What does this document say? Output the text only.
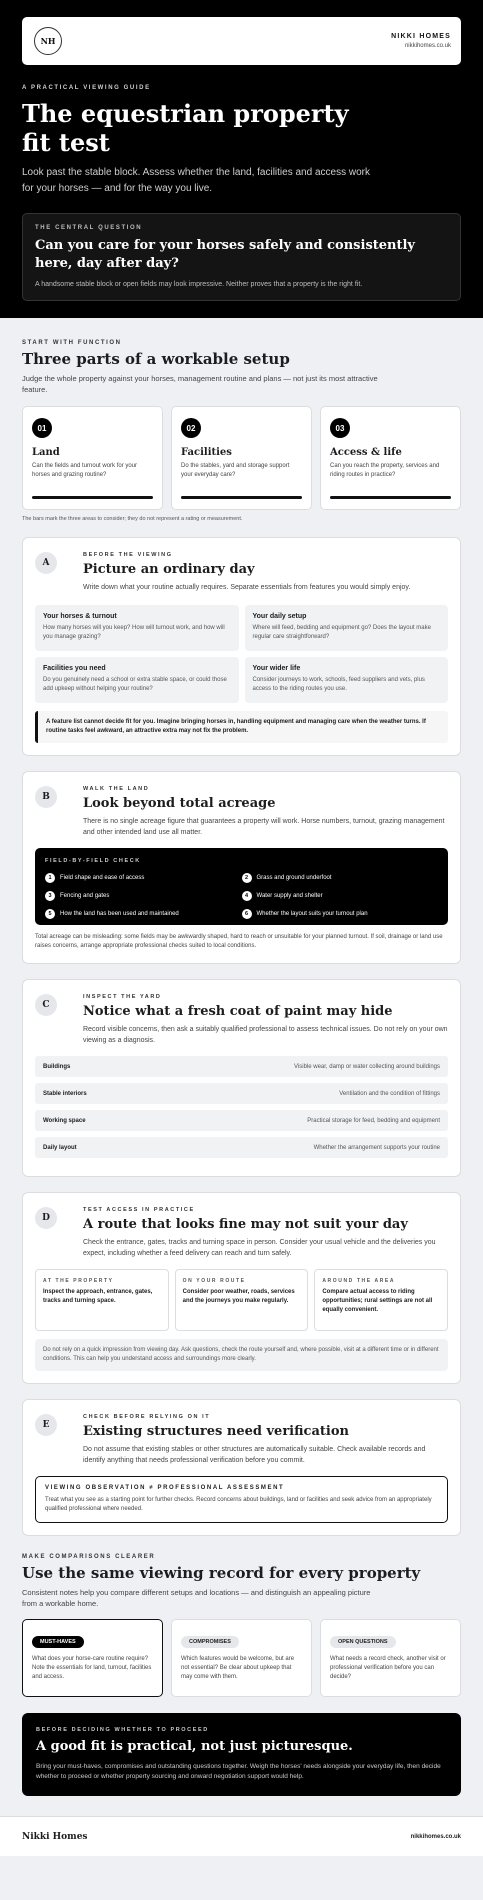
NH	NIKKI HOMES
nikkihomes.co.uk
A PRACTICAL VIEWING GUIDE
The equestrian property fit test

Look past the stable block. Assess whether the land, facilities and access work for your horses — and for the way you live.

THE CENTRAL QUESTION
Can you care for your horses safely and consistently here, day after day?

A handsome stable block or open fields may look impressive. Neither proves that a property is the right fit.

START WITH FUNCTION
Three parts of a workable setup

Judge the whole property against your horses, management routine and plans — not just its most attractive feature.

01
Land

Can the fields and turnout work for your horses and grazing routine?

02
Facilities

Do the stables, yard and storage support your everyday care?

03
Access & life

Can you reach the property, services and riding routes in practice?

The bars mark the three areas to consider; they do not represent a rating or measurement.

A
BEFORE THE VIEWING
Picture an ordinary day

Write down what your routine actually requires. Separate essentials from features you would simply enjoy.

Your horses & turnout

How many horses will you keep? How will turnout work, and how will you manage grazing?

Your daily setup

Where will feed, bedding and equipment go? Does the layout make regular care straightforward?

Facilities you need

Do you genuinely need a school or extra stable space, or could those add upkeep without helping your routine?

Your wider life

Consider journeys to work, schools, feed suppliers and vets, plus access to the riding routes you use.

A feature list cannot decide fit for you. Imagine bringing horses in, handling equipment and managing care when the weather turns. If routine tasks feel awkward, an attractive extra may not fix the problem.
B
WALK THE LAND
Look beyond total acreage

There is no single acreage figure that guarantees a property will work. Horse numbers, turnout, grazing management and other intended land use all matter.

FIELD-BY-FIELD CHECK
1	Field shape and ease of access	2	Grass and ground underfoot
3	Fencing and gates	4	Water supply and shelter
5	How the land has been used and maintained	6	Whether the layout suits your turnout plan

Total acreage can be misleading: some fields may be awkwardly shaped, hard to reach or unsuitable for your planned turnout. If soil, drainage or land use raises concerns, arrange appropriate professional checks suited to local conditions.

C
INSPECT THE YARD
Notice what a fresh coat of paint may hide

Record visible concerns, then ask a suitably qualified professional to assess technical issues. Do not rely on your own viewing as a diagnosis.

Buildings	Visible wear, damp or water collecting around buildings
Stable interiors	Ventilation and the condition of fittings
Working space	Practical storage for feed, bedding and equipment
Daily layout	Whether the arrangement supports your routine
D
TEST ACCESS IN PRACTICE
A route that looks fine may not suit your day

Check the entrance, gates, tracks and turning space in person. Consider your usual vehicle and the deliveries you expect, including whether a feed delivery can reach and turn safely.

AT THE PROPERTY

Inspect the approach, entrance, gates, tracks and turning space.

ON YOUR ROUTE

Consider poor weather, roads, services and the journeys you make regularly.

AROUND THE AREA

Compare actual access to riding opportunities; rural settings are not all equally convenient.

Do not rely on a quick impression from viewing day. Ask questions, check the route yourself and, where possible, visit at a different time or in different conditions. This can help you understand access and surroundings more clearly.
E
CHECK BEFORE RELYING ON IT
Existing structures need verification

Do not assume that existing stables or other structures are automatically suitable. Check available records and identify anything that needs professional verification before you commit.

VIEWING OBSERVATION ≠ PROFESSIONAL ASSESSMENT

Treat what you see as a starting point for further checks. Record concerns about buildings, land or facilities and seek advice from an appropriately qualified professional where needed.

MAKE COMPARISONS CLEARER
Use the same viewing record for every property

Consistent notes help you compare different setups and locations — and distinguish an appealing picture from a workable home.

MUST-HAVES

What does your horse-care routine require? Note the essentials for land, turnout, facilities and access.

COMPROMISES

Which features would be welcome, but are not essential? Be clear about upkeep that may come with them.

OPEN QUESTIONS

What needs a record check, another visit or professional verification before you can decide?

BEFORE DECIDING WHETHER TO PROCEED
A good fit is practical, not just picturesque.

Bring your must-haves, compromises and outstanding questions together. Weigh the horses' needs alongside your everyday life, then decide whether to proceed or whether property sourcing and onward negotiation support would help.

Nikki Homes	nikkihomes.co.uk
